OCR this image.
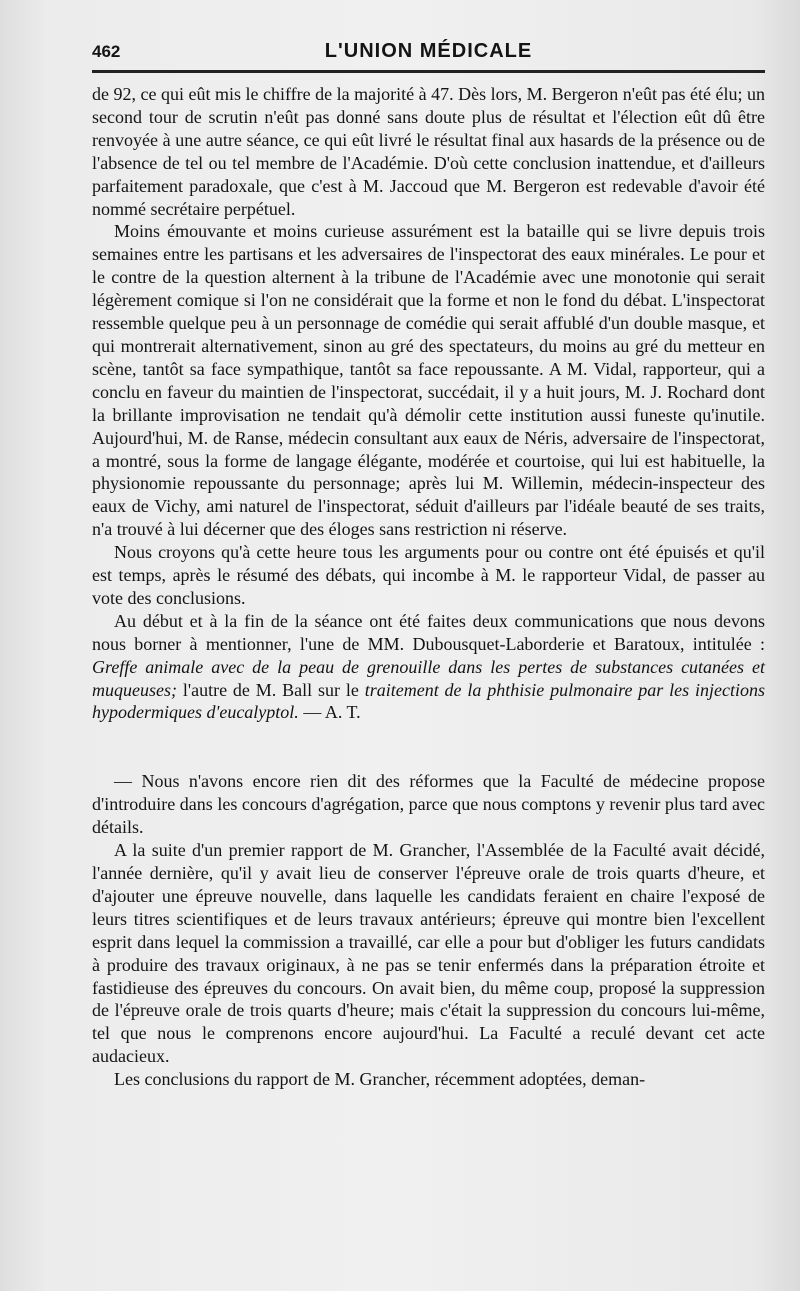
462	L'UNION MÉDICALE

de 92, ce qui eût mis le chiffre de la majorité à 47. Dès lors, M. Bergeron n'eût pas été élu; un second tour de scrutin n'eût pas donné sans doute plus de résultat et l'élection eût dû être renvoyée à une autre séance, ce qui eût livré le résultat final aux hasards de la présence ou de l'absence de tel ou tel membre de l'Académie. D'où cette conclusion inattendue, et d'ailleurs parfaitement paradoxale, que c'est à M. Jaccoud que M. Bergeron est redevable d'avoir été nommé secrétaire perpétuel.

Moins émouvante et moins curieuse assurément est la bataille qui se livre depuis trois semaines entre les partisans et les adversaires de l'inspectorat des eaux minérales. Le pour et le contre de la question alternent à la tribune de l'Académie avec une monotonie qui serait légèrement comique si l'on ne considérait que la forme et non le fond du débat. L'inspectorat ressemble quelque peu à un personnage de comédie qui serait affublé d'un double masque, et qui montrerait alternativement, sinon au gré des spectateurs, du moins au gré du metteur en scène, tantôt sa face sympathique, tantôt sa face repoussante. A M. Vidal, rapporteur, qui a conclu en faveur du maintien de l'inspectorat, succédait, il y a huit jours, M. J. Rochard dont la brillante improvisation ne tendait qu'à démolir cette institution aussi funeste qu'inutile. Aujourd'hui, M. de Ranse, médecin consultant aux eaux de Néris, adversaire de l'inspectorat, a montré, sous la forme de langage élégante, modérée et courtoise, qui lui est habituelle, la physionomie repoussante du personnage; après lui M. Willemin, médecin-inspecteur des eaux de Vichy, ami naturel de l'inspectorat, séduit d'ailleurs par l'idéale beauté de ses traits, n'a trouvé à lui décerner que des éloges sans restriction ni réserve.

Nous croyons qu'à cette heure tous les arguments pour ou contre ont été épuisés et qu'il est temps, après le résumé des débats, qui incombe à M. le rapporteur Vidal, de passer au vote des conclusions.

Au début et à la fin de la séance ont été faites deux communications que nous devons nous borner à mentionner, l'une de MM. Dubousquet-Laborderie et Baratoux, intitulée : Greffe animale avec de la peau de grenouille dans les pertes de substances cutanées et muqueuses; l'autre de M. Ball sur le traitement de la phthisie pulmonaire par les injections hypodermiques d'eucalyptol. — A. T.

— Nous n'avons encore rien dit des réformes que la Faculté de médecine propose d'introduire dans les concours d'agrégation, parce que nous comptons y revenir plus tard avec détails.

A la suite d'un premier rapport de M. Grancher, l'Assemblée de la Faculté avait décidé, l'année dernière, qu'il y avait lieu de conserver l'épreuve orale de trois quarts d'heure, et d'ajouter une épreuve nouvelle, dans laquelle les candidats feraient en chaire l'exposé de leurs titres scientifiques et de leurs travaux antérieurs; épreuve qui montre bien l'excellent esprit dans lequel la commission a travaillé, car elle a pour but d'obliger les futurs candidats à produire des travaux originaux, à ne pas se tenir enfermés dans la préparation étroite et fastidieuse des épreuves du concours. On avait bien, du même coup, proposé la suppression de l'épreuve orale de trois quarts d'heure; mais c'était la suppression du concours lui-même, tel que nous le comprenons encore aujourd'hui. La Faculté a reculé devant cet acte audacieux.

Les conclusions du rapport de M. Grancher, récemment adoptées, deman-
